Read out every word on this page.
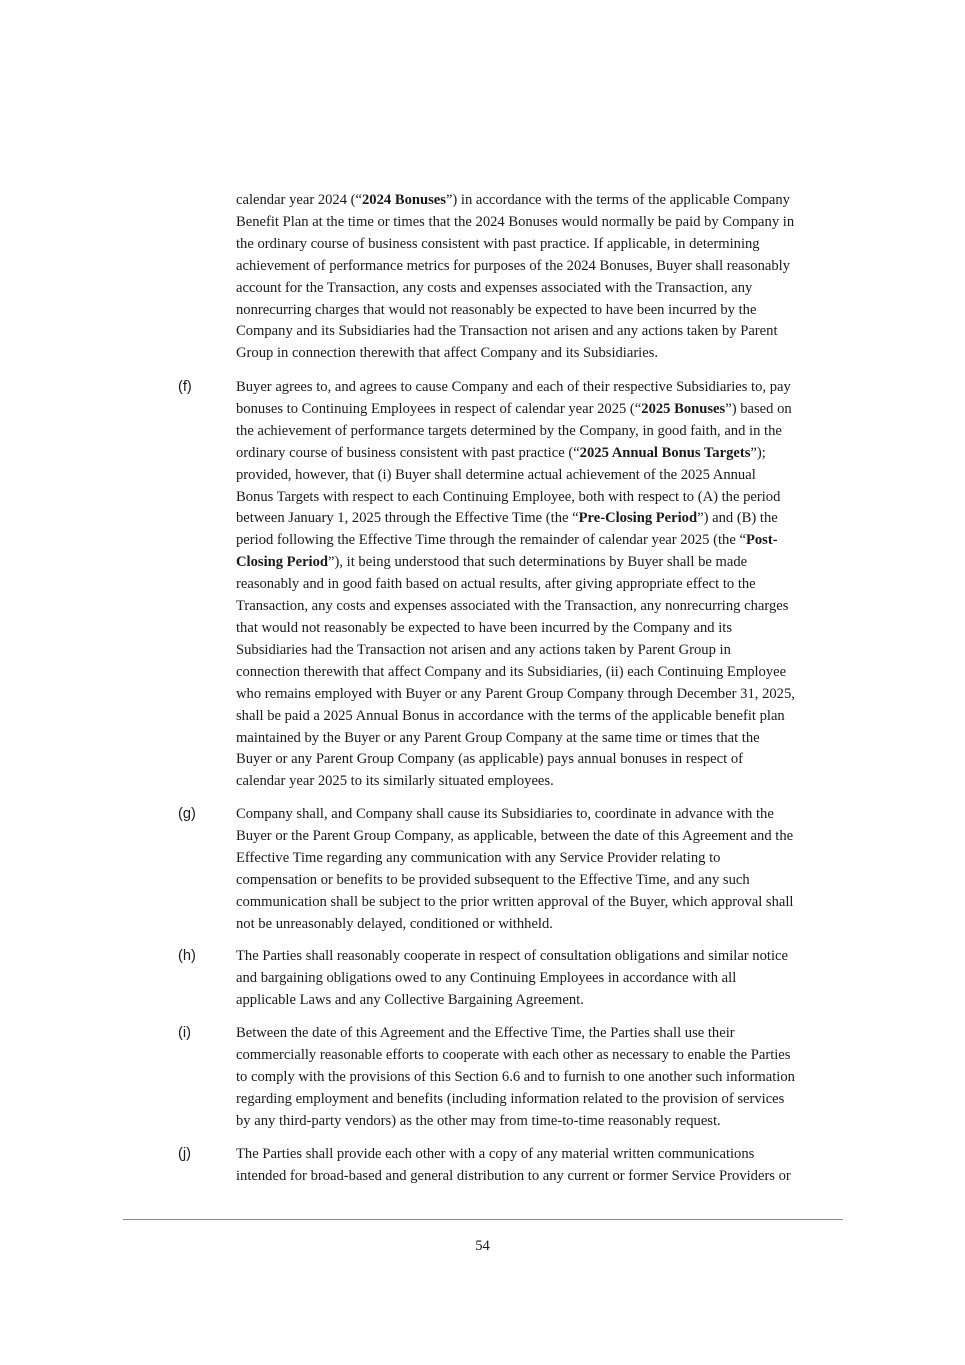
calendar year 2024 (“2024 Bonuses”) in accordance with the terms of the applicable Company
Benefit Plan at the time or times that the 2024 Bonuses would normally be paid by Company in
the ordinary course of business consistent with past practice. If applicable, in determining
achievement of performance metrics for purposes of the 2024 Bonuses, Buyer shall reasonably
account for the Transaction, any costs and expenses associated with the Transaction, any
nonrecurring charges that would not reasonably be expected to have been incurred by the
Company and its Subsidiaries had the Transaction not arisen and any actions taken by Parent
Group in connection therewith that affect Company and its Subsidiaries.

(f)	Buyer agrees to, and agrees to cause Company and each of their respective Subsidiaries to, pay
bonuses to Continuing Employees in respect of calendar year 2025 (“2025 Bonuses”) based on
the achievement of performance targets determined by the Company, in good faith, and in the
ordinary course of business consistent with past practice (“2025 Annual Bonus Targets”);
provided, however, that (i) Buyer shall determine actual achievement of the 2025 Annual
Bonus Targets with respect to each Continuing Employee, both with respect to (A) the period
between January 1, 2025 through the Effective Time (the “Pre-Closing Period”) and (B) the
period following the Effective Time through the remainder of calendar year 2025 (the “Post-
Closing Period”), it being understood that such determinations by Buyer shall be made
reasonably and in good faith based on actual results, after giving appropriate effect to the
Transaction, any costs and expenses associated with the Transaction, any nonrecurring charges
that would not reasonably be expected to have been incurred by the Company and its
Subsidiaries had the Transaction not arisen and any actions taken by Parent Group in
connection therewith that affect Company and its Subsidiaries, (ii) each Continuing Employee
who remains employed with Buyer or any Parent Group Company through December 31, 2025,
shall be paid a 2025 Annual Bonus in accordance with the terms of the applicable benefit plan
maintained by the Buyer or any Parent Group Company at the same time or times that the
Buyer or any Parent Group Company (as applicable) pays annual bonuses in respect of
calendar year 2025 to its similarly situated employees.

(g)	Company shall, and Company shall cause its Subsidiaries to, coordinate in advance with the
Buyer or the Parent Group Company, as applicable, between the date of this Agreement and the
Effective Time regarding any communication with any Service Provider relating to
compensation or benefits to be provided subsequent to the Effective Time, and any such
communication shall be subject to the prior written approval of the Buyer, which approval shall
not be unreasonably delayed, conditioned or withheld.

(h)	The Parties shall reasonably cooperate in respect of consultation obligations and similar notice
and bargaining obligations owed to any Continuing Employees in accordance with all
applicable Laws and any Collective Bargaining Agreement.

(i)	Between the date of this Agreement and the Effective Time, the Parties shall use their
commercially reasonable efforts to cooperate with each other as necessary to enable the Parties
to comply with the provisions of this Section 6.6 and to furnish to one another such information
regarding employment and benefits (including information related to the provision of services
by any third-party vendors) as the other may from time-to-time reasonably request.

(j)	The Parties shall provide each other with a copy of any material written communications
intended for broad-based and general distribution to any current or former Service Providers or

54
